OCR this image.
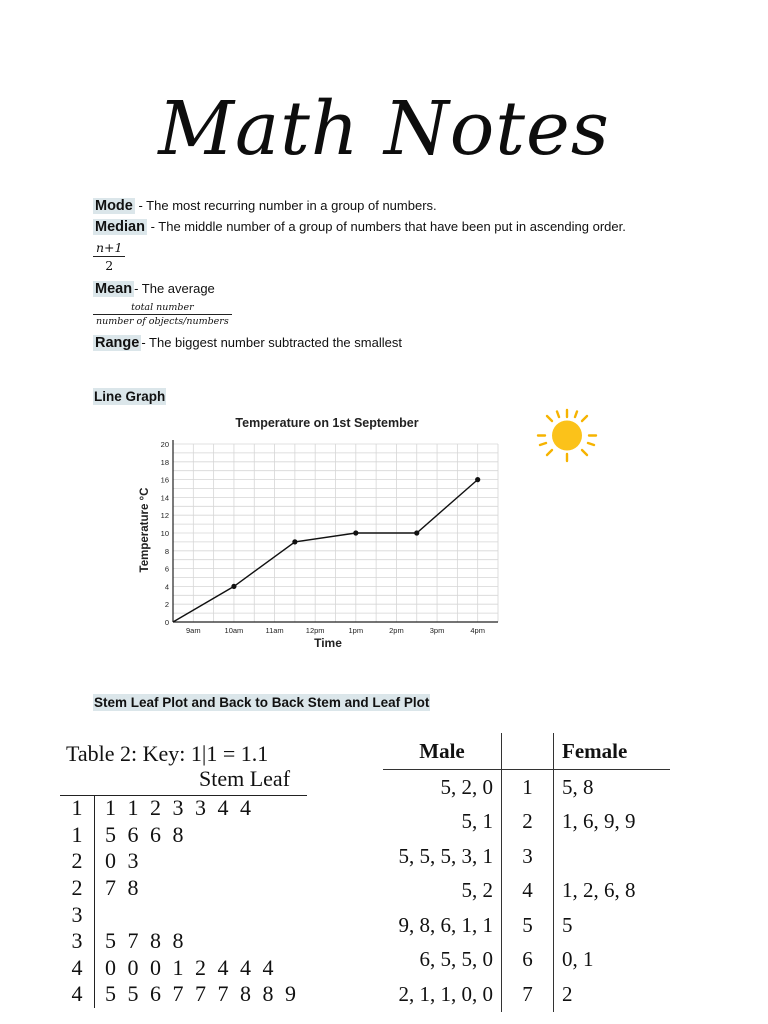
Math Notes
Mode - The most recurring number in a group of numbers.
Median - The middle number of a group of numbers that have been put in ascending order.
$\frac{n+1}{2}$
Mean - The average
$\frac{\text{total number}}{\text{number of objects/numbers}}$
Range - The biggest number subtracted the smallest
Line Graph
Temperature on 1st September
0
2
4
6
8
10
12
14
16
18
20
9am	10am	11am	12pm	1pm	2pm	3pm	4pm
Time
Temperature °C
Stem Leaf Plot and Back to Back Stem and Leaf Plot
Table 2: Key: 1|1 = 1.1
Stem Leaf
1	1 1 2 3 3 4 4
1	5 6 6 8
2	0 3
2	7 8
3	
3	5 7 8 8
4	0 0 0 1 2 4 4 4
4	5 5 6 7 7 7 8 8 9
Male		Female
5, 2, 0	1	5, 8
5, 1	2	1, 6, 9, 9
5, 5, 5, 3, 1	3	
5, 2	4	1, 2, 6, 8
9, 8, 6, 1, 1	5	5
6, 5, 5, 0	6	0, 1
2, 1, 1, 0, 0	7	2
